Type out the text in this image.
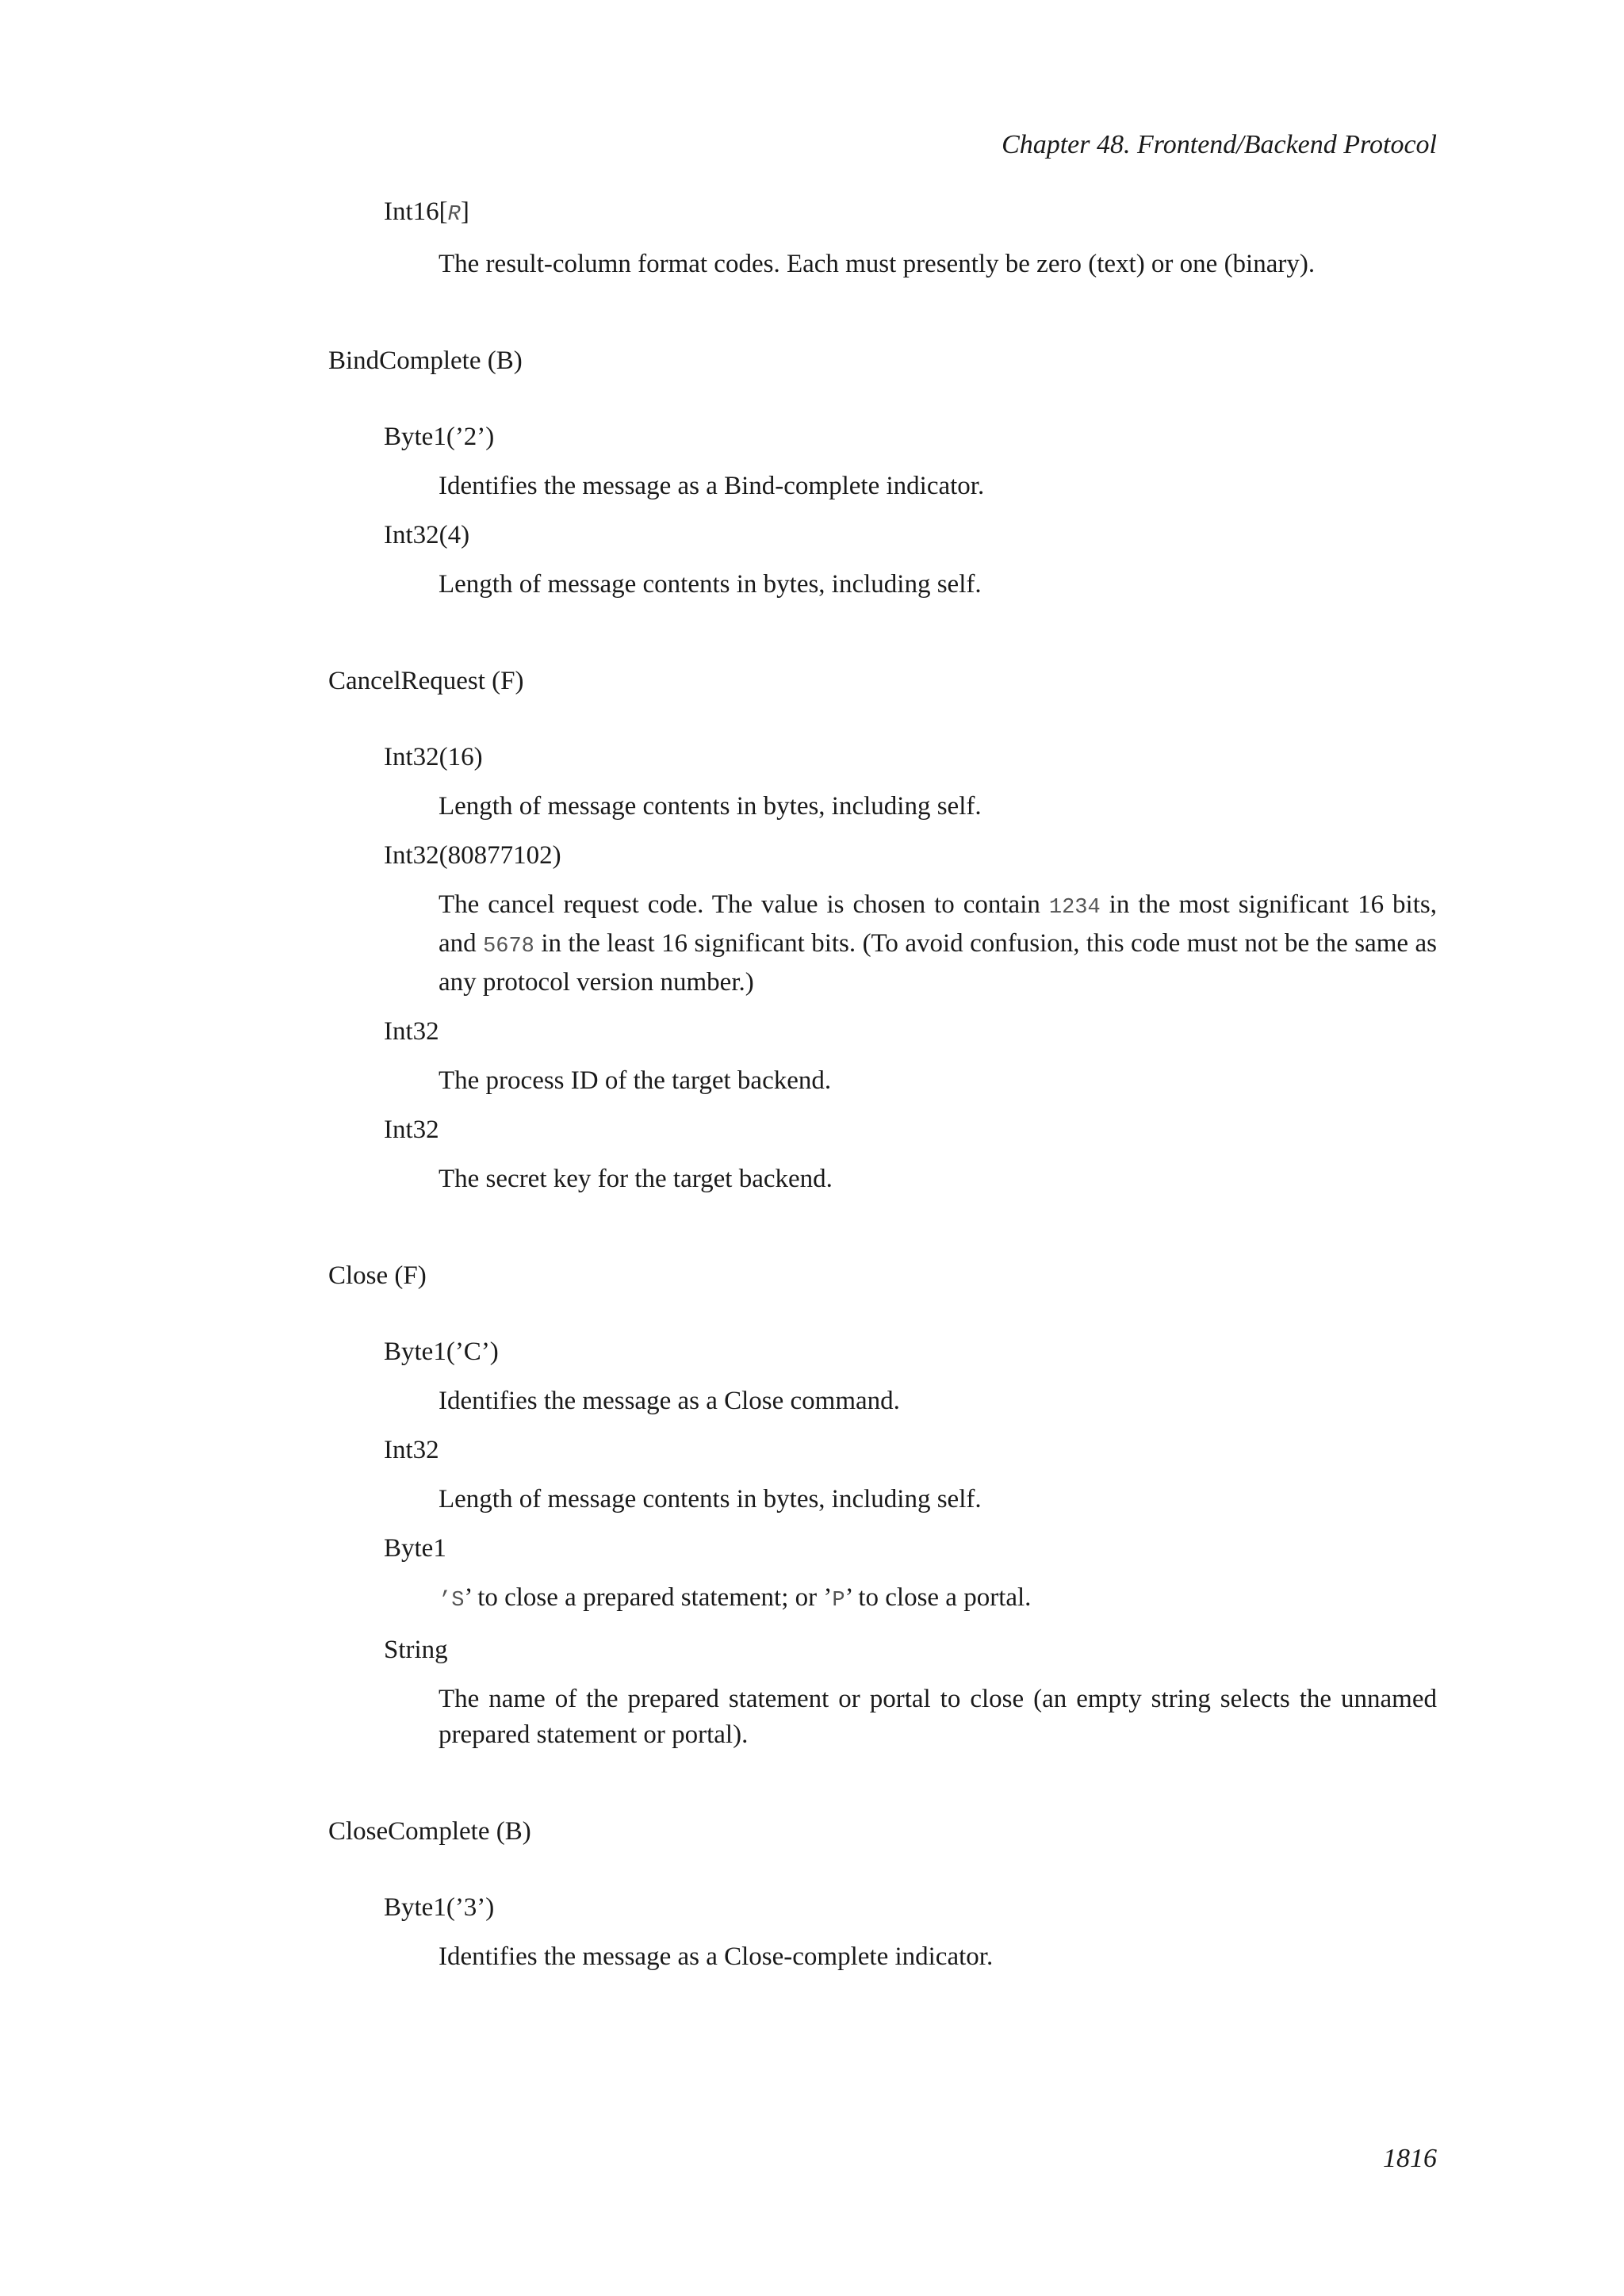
Chapter 48. Frontend/Backend Protocol
Int16[R]
The result-column format codes. Each must presently be zero (text) or one (binary).
BindComplete (B)
Byte1(’2’)
Identifies the message as a Bind-complete indicator.
Int32(4)
Length of message contents in bytes, including self.
CancelRequest (F)
Int32(16)
Length of message contents in bytes, including self.
Int32(80877102)
The cancel request code. The value is chosen to contain 1234 in the most significant 16 bits, and 5678 in the least 16 significant bits. (To avoid confusion, this code must not be the same as any protocol version number.)
Int32
The process ID of the target backend.
Int32
The secret key for the target backend.
Close (F)
Byte1(’C’)
Identifies the message as a Close command.
Int32
Length of message contents in bytes, including self.
Byte1
’S’ to close a prepared statement; or ’P’ to close a portal.
String
The name of the prepared statement or portal to close (an empty string selects the unnamed prepared statement or portal).
CloseComplete (B)
Byte1(’3’)
Identifies the message as a Close-complete indicator.
1816
